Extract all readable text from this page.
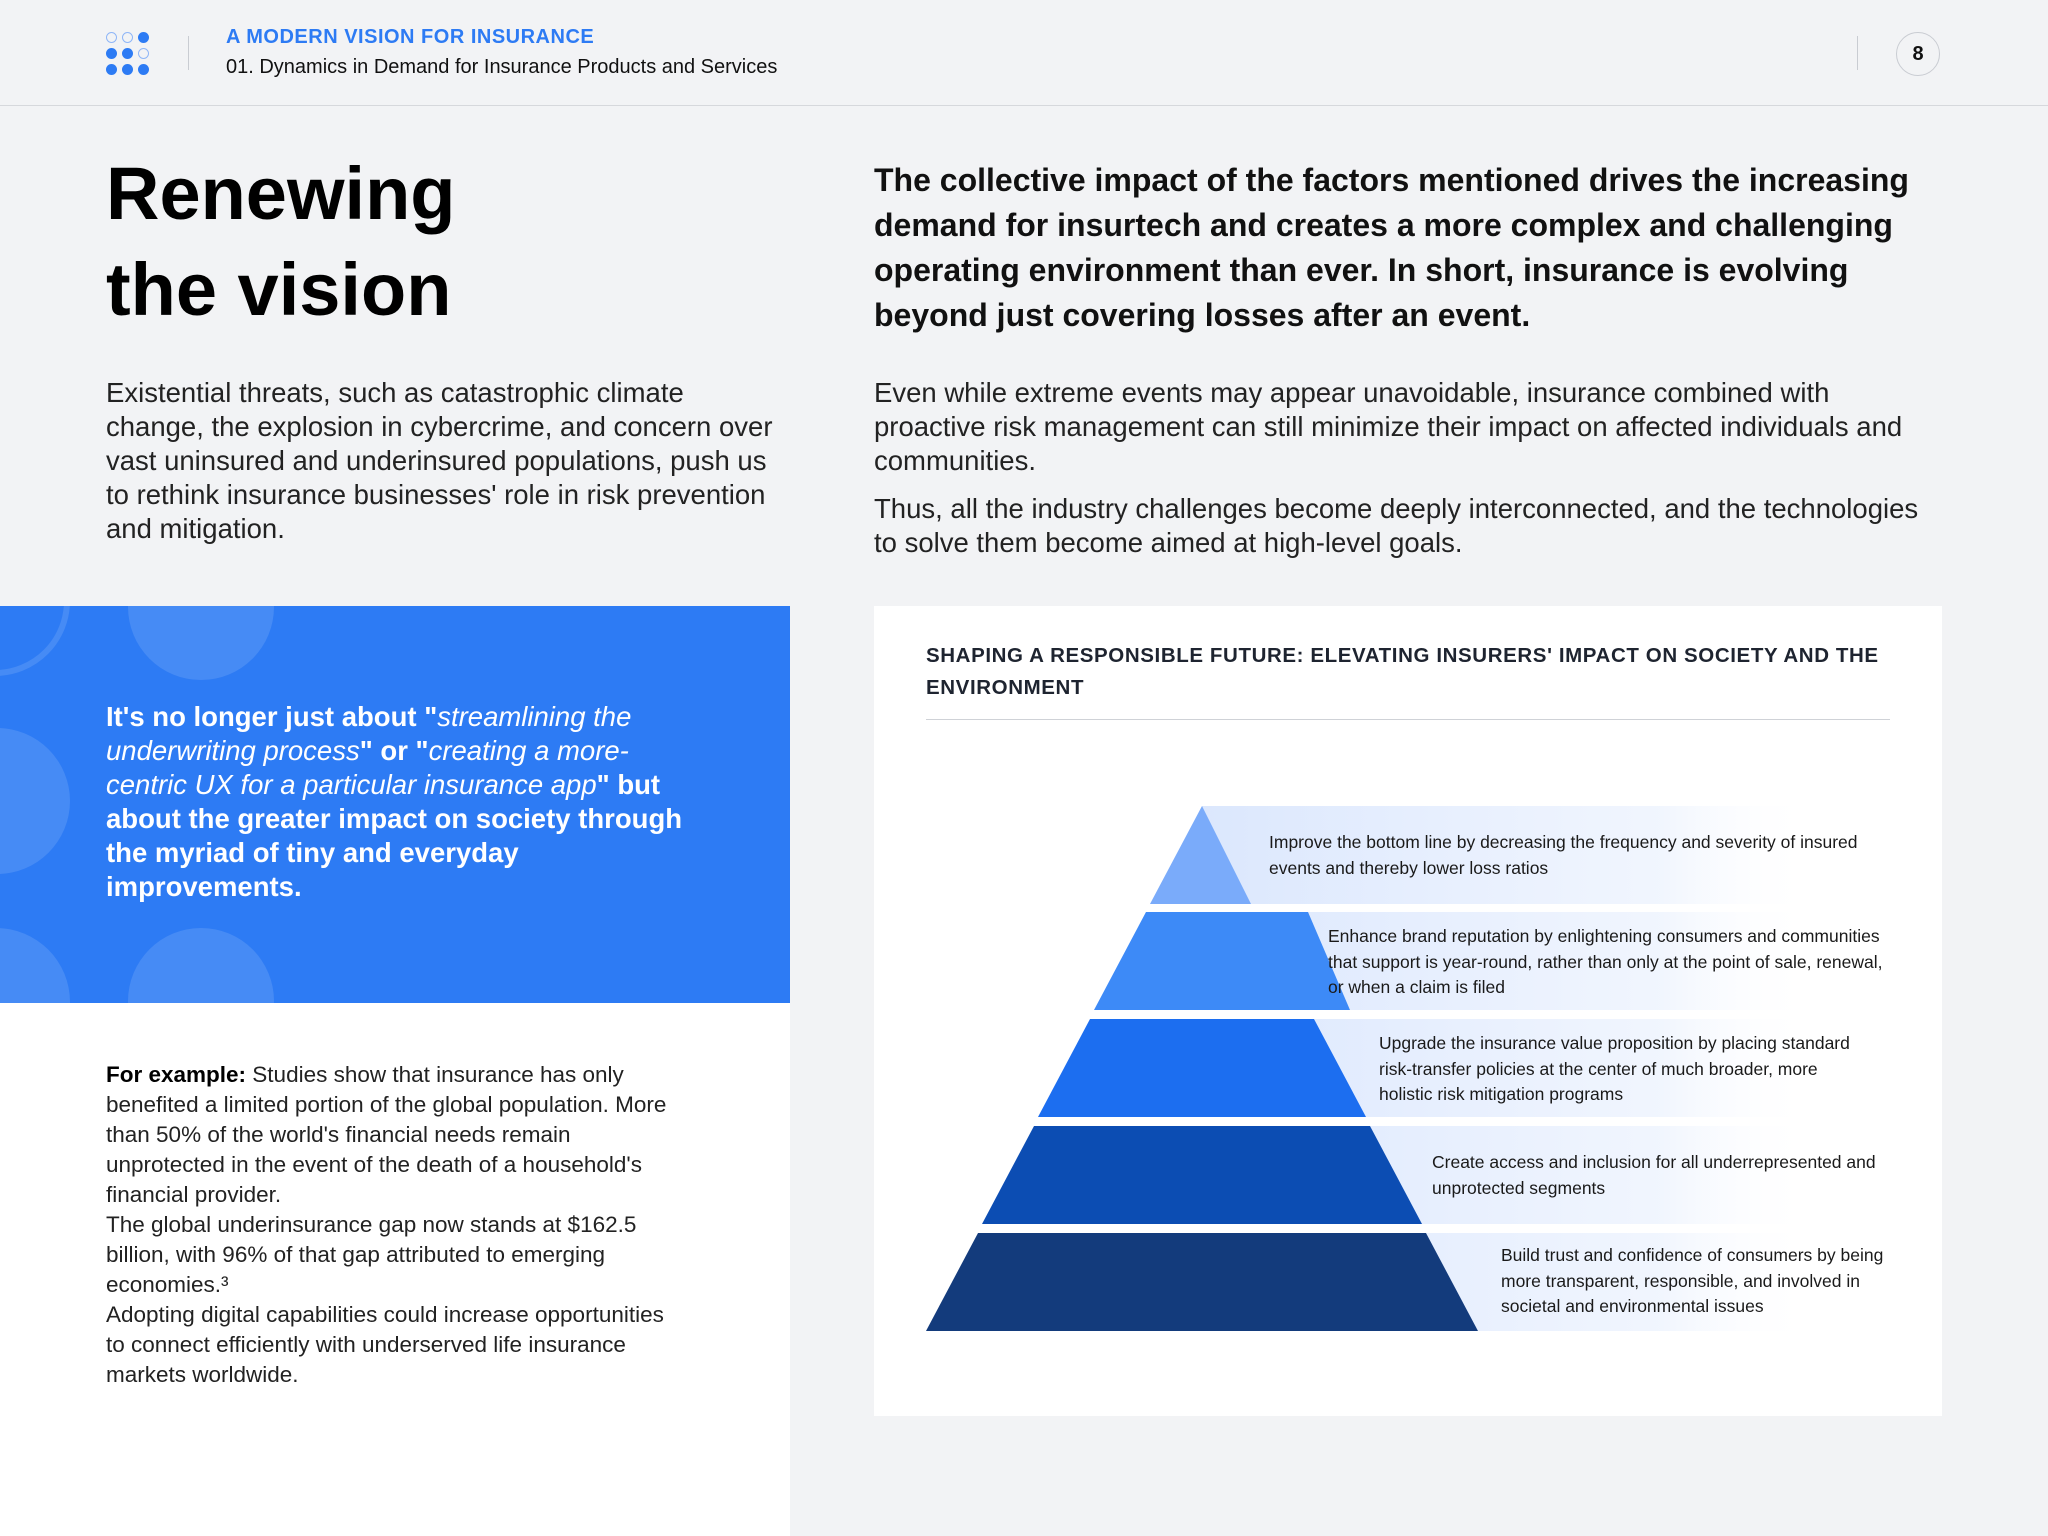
A MODERN VISION FOR INSURANCE
01. Dynamics in Demand for Insurance Products and Services
8
Renewing
the vision

Existential threats, such as catastrophic climate change, the explosion in cybercrime, and concern over vast uninsured and underinsured populations, push us to rethink insurance businesses' role in risk prevention and mitigation.

It's no longer just about "streamlining the underwriting process" or "creating a more-centric UX for a particular insurance app" but about the greater impact on society through the myriad of tiny and everyday improvements.

For example: Studies show that insurance has only benefited a limited portion of the global population. More than 50% of the world's financial needs remain unprotected in the event of the death of a household's financial provider.
The global underinsurance gap now stands at $162.5 billion, with 96% of that gap attributed to emerging economies.³
Adopting digital capabilities could increase opportunities to connect efficiently with underserved life insurance markets worldwide.

The collective impact of the factors mentioned drives the increasing demand for insurtech and creates a more complex and challenging operating environment than ever. In short, insurance is evolving beyond just covering losses after an event.

Even while extreme events may appear unavoidable, insurance combined with proactive risk management can still minimize their impact on affected individuals and communities.

Thus, all the industry challenges become deeply interconnected, and the technologies to solve them become aimed at high-level goals.

SHAPING A RESPONSIBLE FUTURE: ELEVATING INSURERS' IMPACT ON SOCIETY AND THE ENVIRONMENT
Improve the bottom line by decreasing the frequency and severity of insured events and thereby lower loss ratios
Enhance brand reputation by enlightening consumers and communities that support is year-round, rather than only at the point of sale, renewal, or when a claim is filed
Upgrade the insurance value proposition by placing standard risk-transfer policies at the center of much broader, more holistic risk mitigation programs
Create access and inclusion for all underrepresented and unprotected segments
Build trust and confidence of consumers by being more transparent, responsible, and involved in societal and environmental issues
